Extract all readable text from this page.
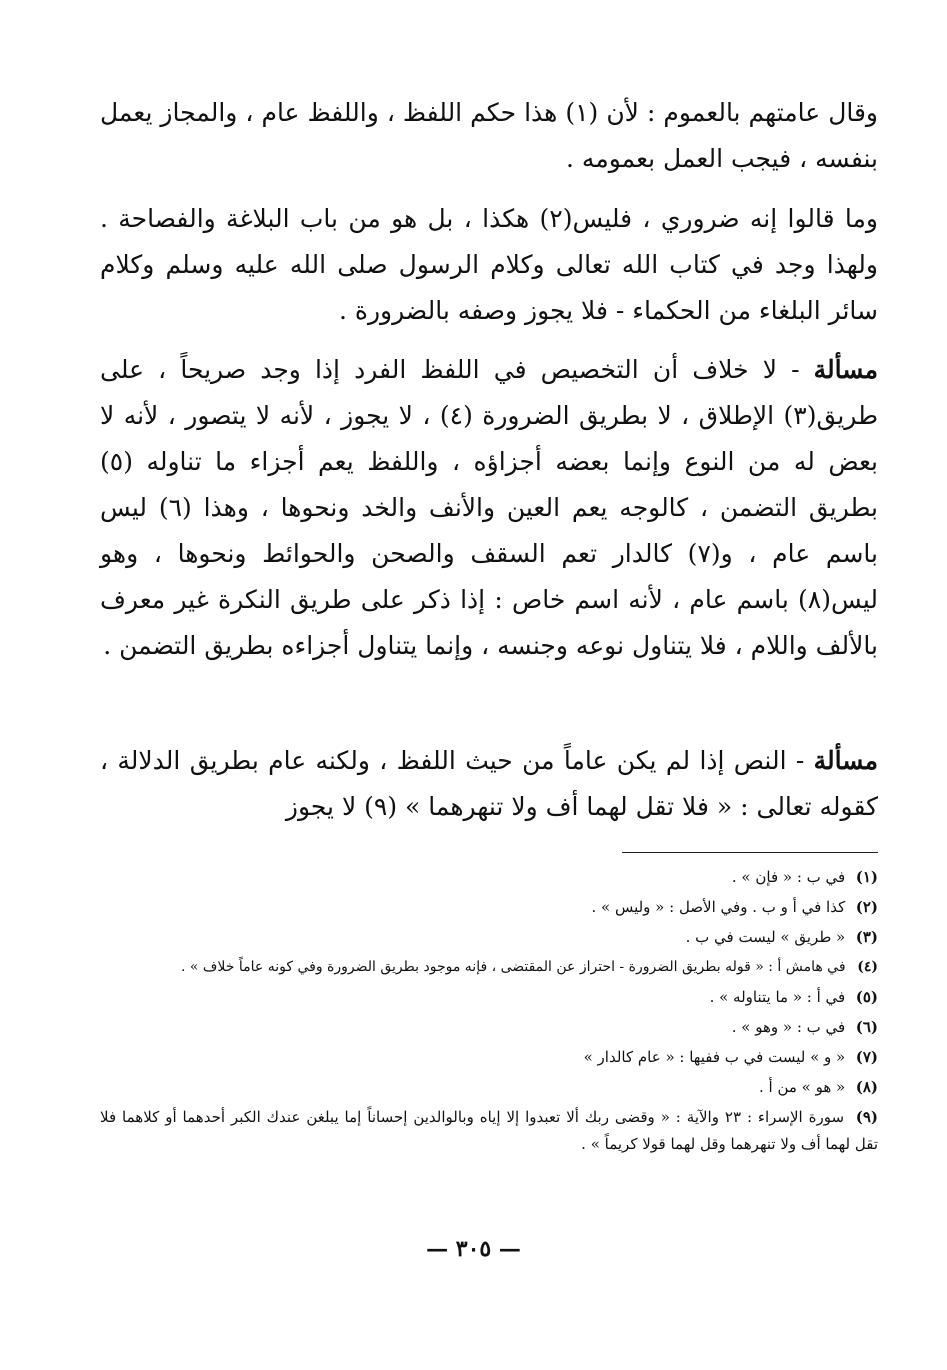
وقال عامتهم بالعموم : لأن (١) هذا حكم اللفظ ، واللفظ عام ، والمجاز يعمل بنفسه ، فيجب العمل بعمومه .

وما قالوا إنه ضروري ، فليس(٢) هكذا ، بل هو من باب البلاغة والفصاحة . ولهذا وجد في كتاب الله تعالى وكلام الرسول صلى الله عليه وسلم وكلام سائر البلغاء من الحكماء - فلا يجوز وصفه بالضرورة .

مسألة - لا خلاف أن التخصيص في اللفظ الفرد إذا وجد صريحاً ، على طريق(٣) الإطلاق ، لا بطريق الضرورة (٤) ، لا يجوز ، لأنه لا يتصور ، لأنه لا بعض له من النوع وإنما بعضه أجزاؤه ، واللفظ يعم أجزاء ما تناوله (٥) بطريق التضمن ، كالوجه يعم العين والأنف والخد ونحوها ، وهذا (٦) ليس باسم عام ، و(٧) كالدار تعم السقف والصحن والحوائط ونحوها ، وهو ليس(٨) باسم عام ، لأنه اسم خاص : إذا ذكر على طريق النكرة غير معرف بالألف واللام ، فلا يتناول نوعه وجنسه ، وإنما يتناول أجزاءه بطريق التضمن .

مسألة - النص إذا لم يكن عاماً من حيث اللفظ ، ولكنه عام بطريق الدلالة ، كقوله تعالى : « فلا تقل لهما أف ولا تنهرهما » (٩) لا يجوز

(١) في ب : « فإن » .
(٢) كذا في أ و ب . وفي الأصل : « وليس » .
(٣) « طريق » ليست في ب .
(٤) في هامش أ : « قوله بطريق الضرورة - احتراز عن المقتضى ، فإنه موجود بطريق الضرورة وفي كونه عاماً خلاف » .
(٥) في أ : « ما يتناوله » .
(٦) في ب : « وهو » .
(٧) « و » ليست في ب ففيها : « عام كالدار »
(٨) « هو » من أ .
(٩) سورة الإسراء : ٢٣ والآية : « وقضى ربك ألا تعبدوا إلا إياه وبالوالدين إحساناً إما يبلغن عندك الكبر أحدهما أو كلاهما فلا تقل لهما أف ولا تنهرهما وقل لهما قولا كريماً » .
— ٣٠٥ —
